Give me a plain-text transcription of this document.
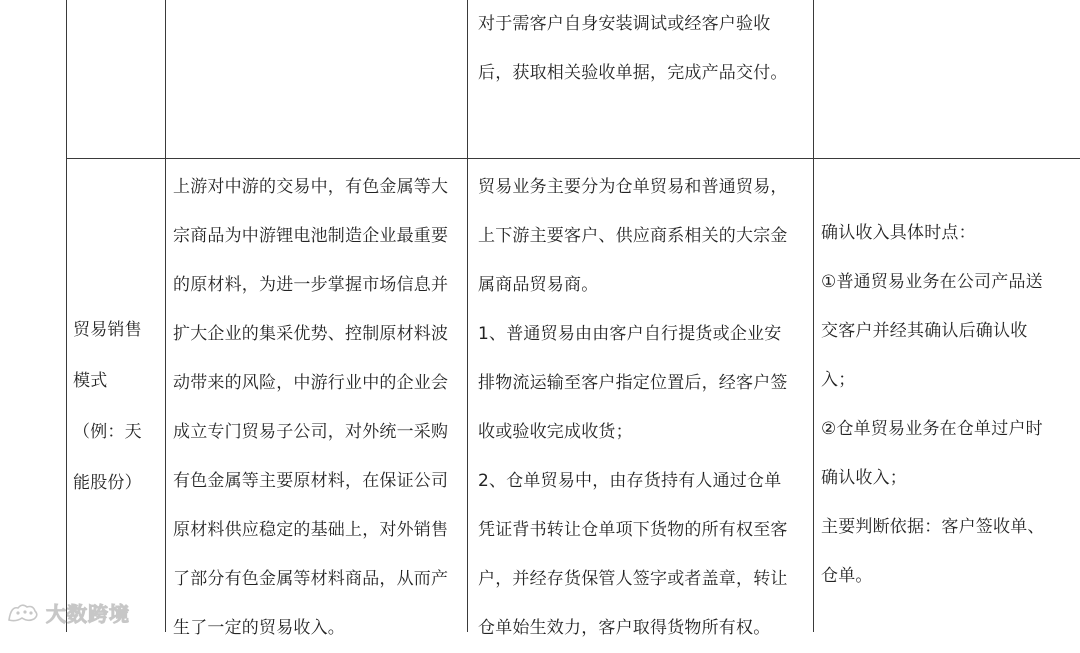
对于需客户自身安装调试或经客户验收
后，获取相关验收单据，完成产品交付。
贸易销售
模式
（例：天
能股份）
上游对中游的交易中，有色金属等大
宗商品为中游锂电池制造企业最重要
的原材料，为进一步掌握市场信息并
扩大企业的集采优势、控制原材料波
动带来的风险，中游行业中的企业会
成立专门贸易子公司，对外统一采购
有色金属等主要原材料，在保证公司
原材料供应稳定的基础上，对外销售
了部分有色金属等材料商品，从而产
生了一定的贸易收入。
贸易业务主要分为仓单贸易和普通贸易，
上下游主要客户、供应商系相关的大宗金
属商品贸易商。
1、普通贸易由由客户自行提货或企业安
排物流运输至客户指定位置后，经客户签
收或验收完成收货；
2、仓单贸易中，由存货持有人通过仓单
凭证背书转让仓单项下货物的所有权至客
户，并经存货保管人签字或者盖章，转让
仓单始生效力，客户取得货物所有权。
确认收入具体时点：
①普通贸易业务在公司产品送
交客户并经其确认后确认收
入；
②仓单贸易业务在仓单过户时
确认收入；
主要判断依据：客户签收单、
仓单。
大数跨境
